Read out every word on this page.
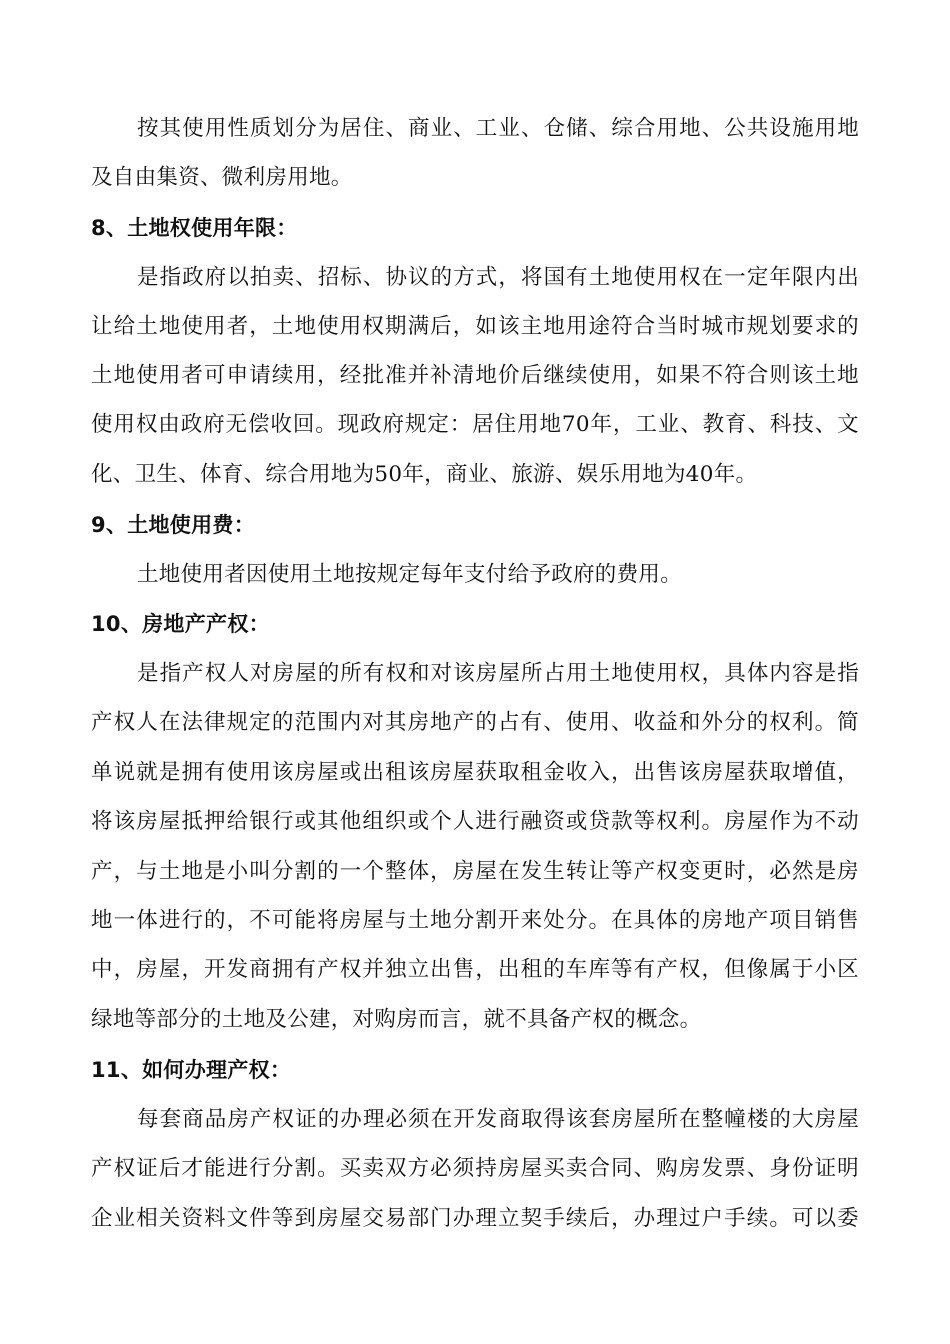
按其使用性质划分为居住、商业、工业、仓储、综合用地、公共设施用地
及自由集资、微利房用地。
8、土地权使用年限：
是指政府以拍卖、招标、协议的方式，将国有土地使用权在一定年限内出
让给土地使用者，土地使用权期满后，如该主地用途符合当时城市规划要求的
土地使用者可申请续用，经批准并补清地价后继续使用，如果不符合则该土地
使用权由政府无偿收回。现政府规定：居住用地70年，工业、教育、科技、文
化、卫生、体育、综合用地为50年，商业、旅游、娱乐用地为40年。
9、土地使用费：
土地使用者因使用土地按规定每年支付给予政府的费用。
10、房地产产权：
是指产权人对房屋的所有权和对该房屋所占用土地使用权，具体内容是指
产权人在法律规定的范围内对其房地产的占有、使用、收益和外分的权利。简
单说就是拥有使用该房屋或出租该房屋获取租金收入，出售该房屋获取增值，
将该房屋抵押给银行或其他组织或个人进行融资或贷款等权利。房屋作为不动
产，与土地是小叫分割的一个整体，房屋在发生转让等产权变更时，必然是房
地一体进行的，不可能将房屋与土地分割开来处分。在具体的房地产项目销售
中，房屋，开发商拥有产权并独立出售，出租的车库等有产权，但像属于小区
绿地等部分的土地及公建，对购房而言，就不具备产权的概念。
11、如何办理产权：
每套商品房产权证的办理必须在开发商取得该套房屋所在整幢楼的大房屋
产权证后才能进行分割。买卖双方必须持房屋买卖合同、购房发票、身份证明
企业相关资料文件等到房屋交易部门办理立契手续后，办理过户手续。可以委
